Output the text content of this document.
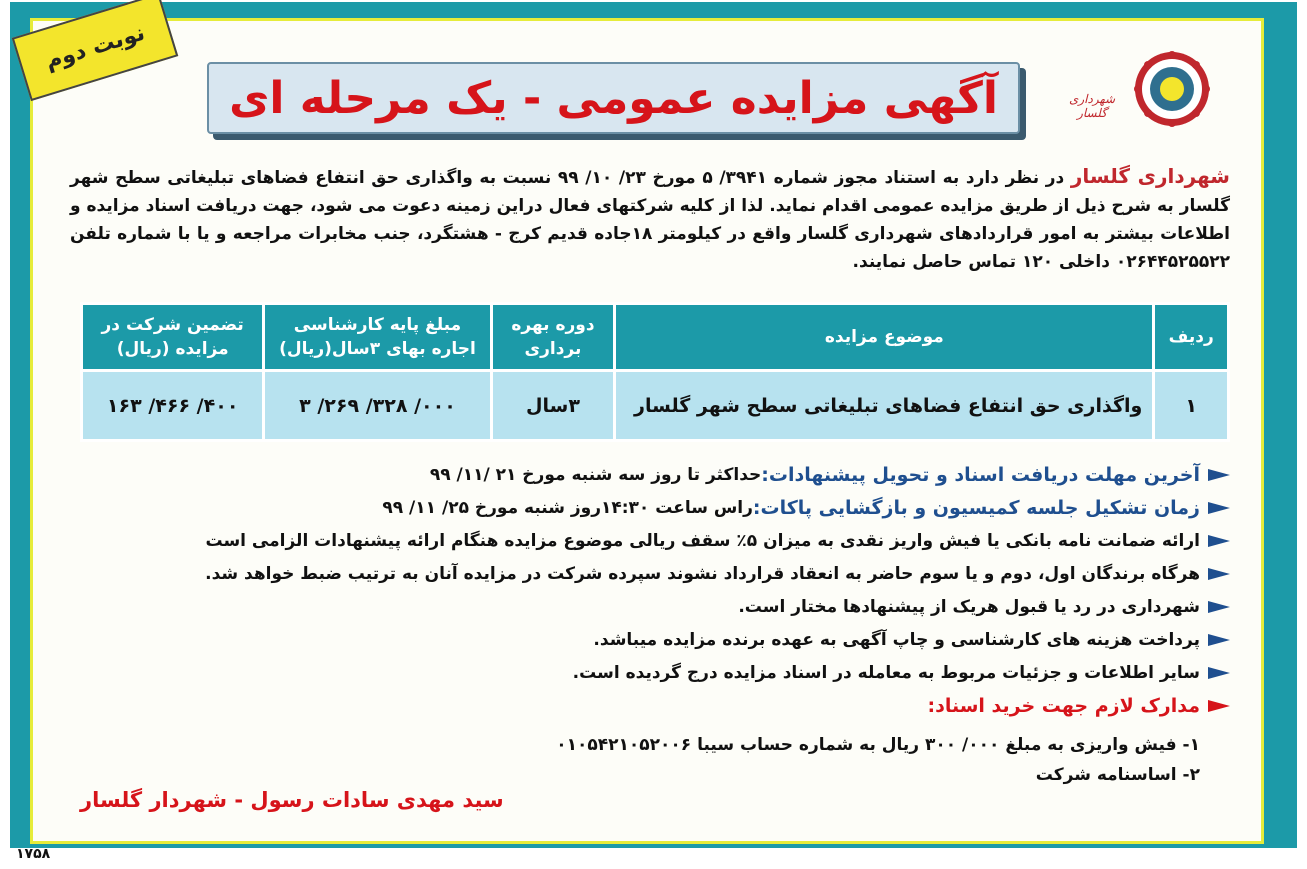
نوبت دوم
آگهی مزایده عمومی - یک مرحله ای	شهرداری گلسار
شهرداری گلسار در نظر دارد به استناد مجوز شماره ۳۹۴۱/ ۵ مورخ ۲۳/ ۱۰/ ۹۹ نسبت به واگذاری حق انتفاع فضاهای تبلیغاتی سطح شهر گلسار به شرح ذیل از طریق مزایده عمومی اقدام نماید. لذا از کلیه شرکتهای فعال دراین زمینه دعوت می شود، جهت دریافت اسناد مزایده و اطلاعات بیشتر به امور قراردادهای شهرداری گلسار واقع در کیلومتر ۱۸جاده قدیم کرج - هشتگرد، جنب مخابرات مراجعه و یا با شماره تلفن ۰۲۶۴۴۵۲۵۵۲۲ داخلی ۱۲۰ تماس حاصل نمایند.
ردیف	موضوع مزایده	دوره بهره برداری	مبلغ پایه کارشناسی اجاره بهای ۳سال(ریال)	تضمین شرکت در مزایده (ریال)
۱	واگذاری حق انتفاع فضاهای تبلیغاتی سطح شهر گلسار	۳سال	۰۰۰/ ۳۲۸/ ۲۶۹/ ۳	۴۰۰/ ۴۶۶/ ۱۶۳
آخرین مهلت دریافت اسناد و تحویل پیشنهادات:
حداکثر تا روز سه شنبه مورخ ۲۱ /۱۱/ ۹۹
زمان تشکیل جلسه کمیسیون و بازگشایی پاکات:
راس ساعت ۱۴:۳۰روز شنبه مورخ ۲۵/ ۱۱/ ۹۹
ارائه ضمانت نامه بانکی یا فیش واریز نقدی به میزان ۵٪ سقف ریالی موضوع مزایده هنگام ارائه پیشنهادات الزامی است
هرگاه برندگان اول، دوم و یا سوم حاضر به انعقاد قرارداد نشوند سپرده شرکت در مزایده آنان به ترتیب ضبط خواهد شد.
شهرداری در رد یا قبول هریک از پیشنهادها مختار است.
پرداخت هزینه های کارشناسی و چاپ آگهی به عهده برنده مزایده میباشد.
سایر اطلاعات و جزئیات مربوط به معامله در اسناد مزایده درج گردیده است.
مدارک لازم جهت خرید اسناد:
۱- فیش واریزی به مبلغ ۰۰۰/ ۳۰۰ ریال به شماره حساب سیبا ۰۱۰۵۴۲۱۰۵۲۰۰۶
۲- اساسنامه شرکت
سید مهدی سادات رسول - شهردار گلسار
۱۷۵۸
